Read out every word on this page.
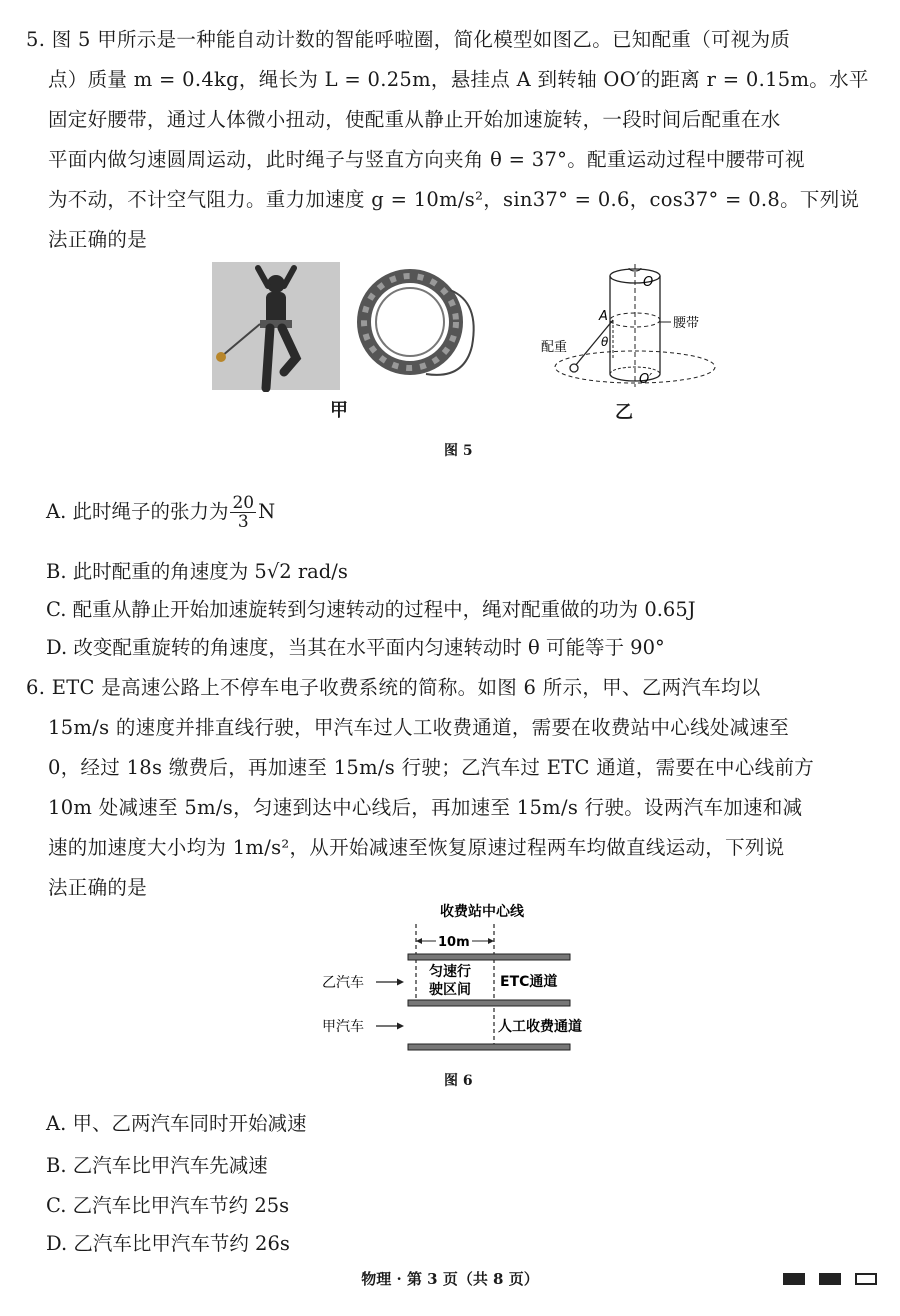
5. 图 5 甲所示是一种能自动计数的智能呼啦圈，简化模型如图乙。已知配重（可视为质

点）质量 m = 0.4kg，绳长为 L = 0.25m，悬挂点 A 到转轴 OO′的距离 r = 0.15m。水平

固定好腰带，通过人体微小扭动，使配重从静止开始加速旋转，一段时间后配重在水

平面内做匀速圆周运动，此时绳子与竖直方向夹角 θ = 37°。配重运动过程中腰带可视

为不动，不计空气阻力。重力加速度 g = 10m/s²，sin37° = 0.6，cos37° = 0.8。下列说

法正确的是

甲
O
O′
A
θ
腰带
配重
乙
图 5
A. 此时绳子的张力为 $\frac{20}{3}$ N
B. 此时配重的角速度为 5√2 rad/s
C. 配重从静止开始加速旋转到匀速转动的过程中，绳对配重做的功为 0.65J
D. 改变配重旋转的角速度，当其在水平面内匀速转动时 θ 可能等于 90°

6. ETC 是高速公路上不停车电子收费系统的简称。如图 6 所示，甲、乙两汽车均以

15m/s 的速度并排直线行驶，甲汽车过人工收费通道，需要在收费站中心线处减速至

0，经过 18s 缴费后，再加速至 15m/s 行驶；乙汽车过 ETC 通道，需要在中心线前方

10m 处减速至 5m/s，匀速到达中心线后，再加速至 15m/s 行驶。设两汽车加速和减

速的加速度大小均为 1m/s²，从开始减速至恢复原速过程两车均做直线运动，下列说

法正确的是

收费站中心线
10m
匀速行
驶区间 ETC通道
人工收费通道
乙汽车
甲汽车
图 6
A. 甲、乙两汽车同时开始减速
B. 乙汽车比甲汽车先减速
C. 乙汽车比甲汽车节约 25s
D. 乙汽车比甲汽车节约 26s
物理 · 第 3 页（共 8 页）
